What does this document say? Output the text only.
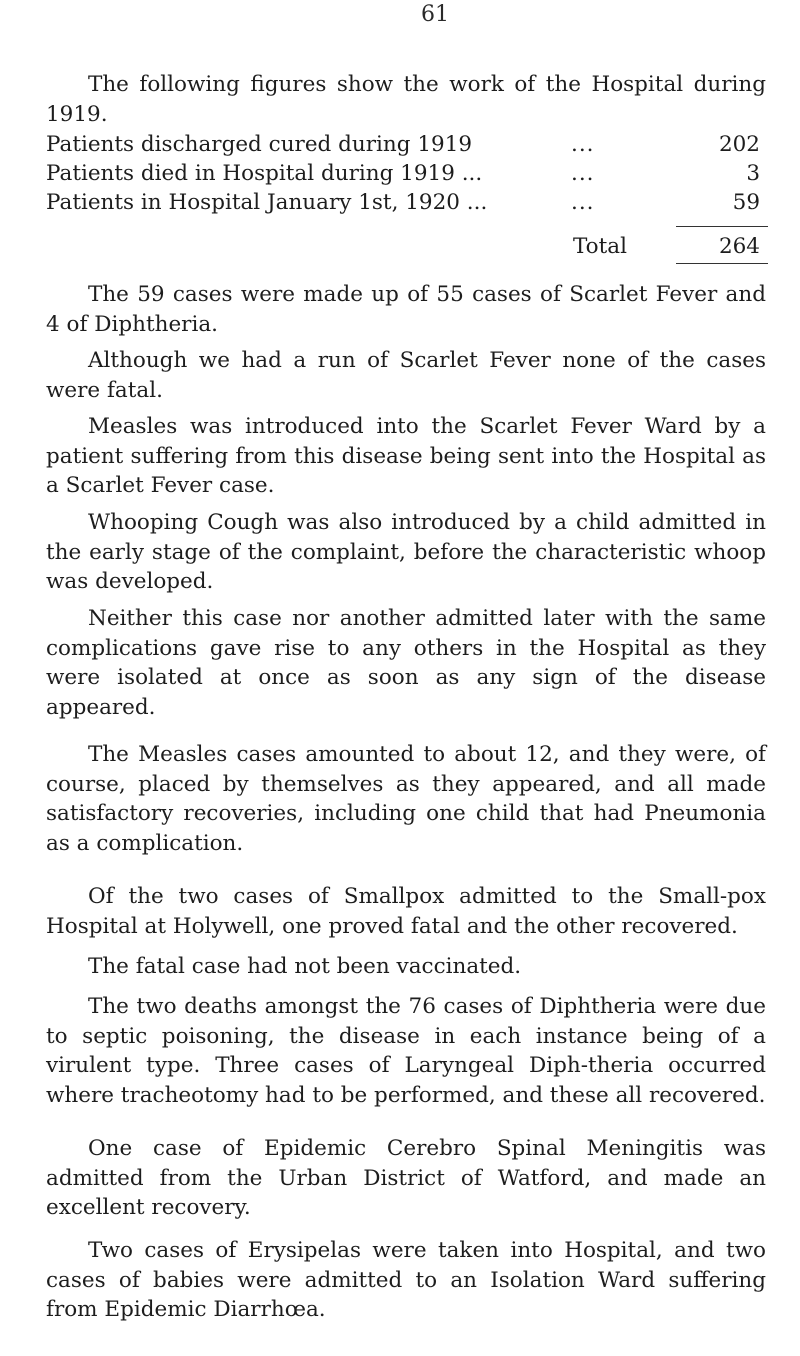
61

The following figures show the work of the Hospital during 1919.

Patients discharged cured during 1919	...	202
Patients died in Hospital during 1919 ...	...	3
Patients in Hospital January 1st, 1920 ...	...	59
Total	264

The 59 cases were made up of 55 cases of Scarlet Fever and 4 of Diphtheria.

Although we had a run of Scarlet Fever none of the cases were fatal.

Measles was introduced into the Scarlet Fever Ward by a patient suffering from this disease being sent into the Hospital as a Scarlet Fever case.

Whooping Cough was also introduced by a child admitted in the early stage of the complaint, before the characteristic whoop was developed.

Neither this case nor another admitted later with the same complications gave rise to any others in the Hospital as they were isolated at once as soon as any sign of the disease appeared.

The Measles cases amounted to about 12, and they were, of course, placed by themselves as they appeared, and all made satisfactory recoveries, including one child that had Pneumonia as a complication.

Of the two cases of Smallpox admitted to the Small-pox Hospital at Holywell, one proved fatal and the other recovered.

The fatal case had not been vaccinated.

The two deaths amongst the 76 cases of Diphtheria were due to septic poisoning, the disease in each instance being of a virulent type. Three cases of Laryngeal Diph-theria occurred where tracheotomy had to be performed, and these all recovered.

One case of Epidemic Cerebro Spinal Meningitis was admitted from the Urban District of Watford, and made an excellent recovery.

Two cases of Erysipelas were taken into Hospital, and two cases of babies were admitted to an Isolation Ward suffering from Epidemic Diarrhœa.
